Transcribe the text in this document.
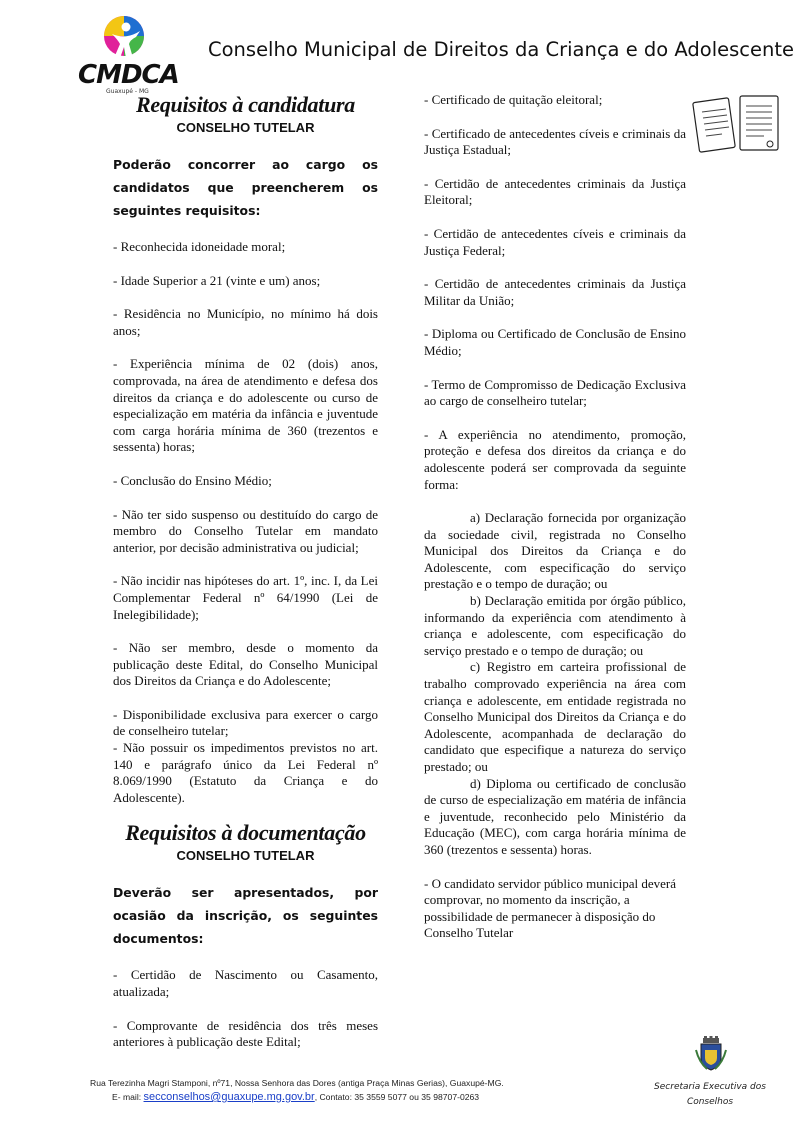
CMDCA
Guaxupé - MG
Conselho Municipal de Direitos da Criança e do Adolescente
Requisitos à candidatura
CONSELHO TUTELAR
Poderão concorrer ao cargo os candidatos que preencherem os seguintes requisitos:

- Reconhecida idoneidade moral;

- Idade Superior a 21 (vinte e um) anos;

- Residência no Município, no mínimo há dois anos;

- Experiência mínima de 02 (dois) anos, comprovada, na área de atendimento e defesa dos direitos da criança e do adolescente ou curso de especialização em matéria da infância e juventude com carga horária mínima de 360 (trezentos e sessenta) horas;

- Conclusão do Ensino Médio;

- Não ter sido suspenso ou destituído do cargo de membro do Conselho Tutelar em mandato anterior, por decisão administrativa ou judicial;

- Não incidir nas hipóteses do art. 1º, inc. I, da Lei Complementar Federal nº 64/1990 (Lei de Inelegibilidade);

- Não ser membro, desde o momento da publicação deste Edital, do Conselho Municipal dos Direitos da Criança e do Adolescente;

- Disponibilidade exclusiva para exercer o cargo de conselheiro tutelar;

- Não possuir os impedimentos previstos no art. 140 e parágrafo único da Lei Federal nº 8.069/1990 (Estatuto da Criança e do Adolescente).

Requisitos à documentação
CONSELHO TUTELAR
Deverão ser apresentados, por ocasião da inscrição, os seguintes documentos:

- Certidão de Nascimento ou Casamento, atualizada;

- Comprovante de residência dos três meses anteriores à publicação deste Edital;

- Certificado de quitação eleitoral;

- Certificado de antecedentes cíveis e criminais da Justiça Estadual;

- Certidão de antecedentes criminais da Justiça Eleitoral;

- Certidão de antecedentes cíveis e criminais da Justiça Federal;

- Certidão de antecedentes criminais da Justiça Militar da União;

- Diploma ou Certificado de Conclusão de Ensino Médio;

- Termo de Compromisso de Dedicação Exclusiva ao cargo de conselheiro tutelar;

- A experiência no atendimento, promoção, proteção e defesa dos direitos da criança e do adolescente poderá ser comprovada da seguinte forma:

a) Declaração fornecida por organização da sociedade civil, registrada no Conselho Municipal dos Direitos da Criança e do Adolescente, com especificação do serviço prestação e o tempo de duração; ou

b) Declaração emitida por órgão público, informando da experiência com atendimento à criança e adolescente, com especificação do serviço prestado e o tempo de duração; ou

c) Registro em carteira profissional de trabalho comprovado experiência na área com criança e adolescente, em entidade registrada no Conselho Municipal dos Direitos da Criança e do Adolescente, acompanhada de declaração do candidato que especifique a natureza do serviço prestado; ou

d) Diploma ou certificado de conclusão de curso de especialização em matéria de infância e juventude, reconhecido pelo Ministério da Educação (MEC), com carga horária mínima de 360 (trezentos e sessenta) horas.

- O candidato servidor público municipal deverá comprovar, no momento da inscrição, a possibilidade de permanecer à disposição do Conselho Tutelar

Rua Terezinha Magri Stamponi, nº71, Nossa Senhora das Dores (antiga Praça Minas Gerias), Guaxupé-MG.
E- mail: secconselhos@guaxupe.mg.gov.br, Contato: 35 3559 5077 ou 35 98707-0263
Secretaria Executiva dos
Conselhos
